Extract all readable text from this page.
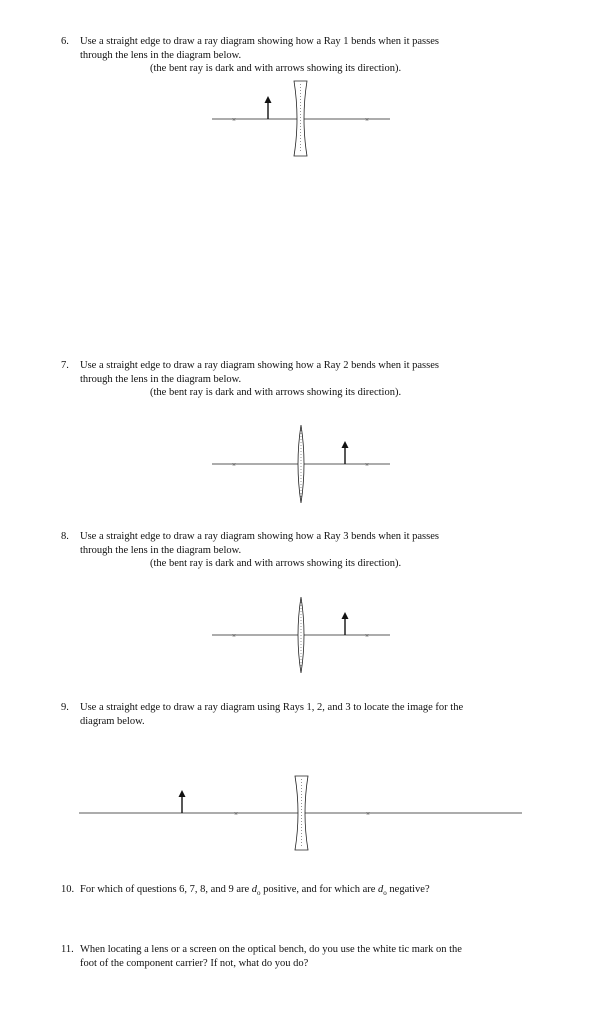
6. Use a straight edge to draw a ray diagram showing how a Ray 1 bends when it passes
through the lens in the diagram below.
(the bent ray is dark and with arrows showing its direction).
7. Use a straight edge to draw a ray diagram showing how a Ray 2 bends when it passes
through the lens in the diagram below.
(the bent ray is dark and with arrows showing its direction).
8. Use a straight edge to draw a ray diagram showing how a Ray 3 bends when it passes
through the lens in the diagram below.
(the bent ray is dark and with arrows showing its direction).
9. Use a straight edge to draw a ray diagram using Rays 1, 2, and 3 to locate the image for the
diagram below.
10. For which of questions 6, 7, 8, and 9 are $d_o$ positive, and for which are $d_o$ negative?
11. When locating a lens or a screen on the optical bench, do you use the white tic mark on the
foot of the component carrier? If not, what do you do?
×	×
×	×
×	×
×	×
